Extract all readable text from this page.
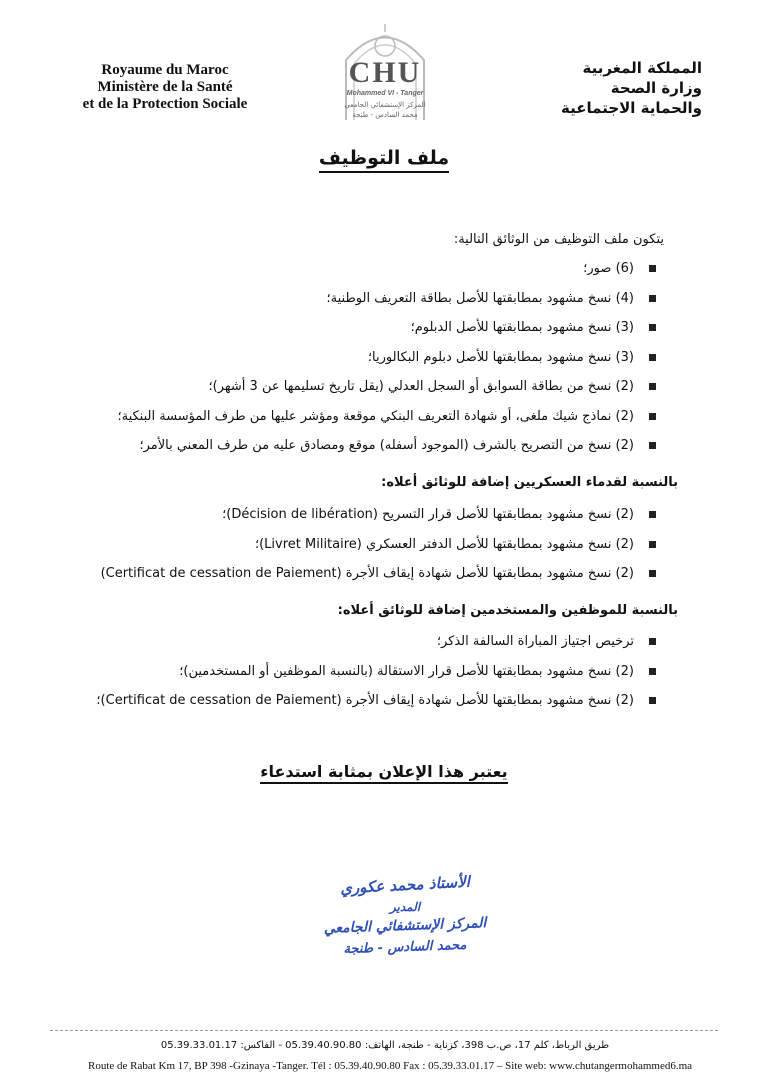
Royaume du Maroc
Ministère de la Santé
et de la Protection Sociale
المملكة المغربية
وزارة الصحة
والحماية الاجتماعية
CHU
Mohammed VI - Tanger
المركز الإستشفائي الجامعي
محمد السادس - طنجة
ملف التوظيف
يتكون ملف التوظيف من الوثائق التالية:
(6) صور؛
(4) نسخ مشهود بمطابقتها للأصل بطاقة التعريف الوطنية؛
(3) نسخ مشهود بمطابقتها للأصل الدبلوم؛
(3) نسخ مشهود بمطابقتها للأصل دبلوم البكالوريا؛
(2) نسخ من بطاقة السوابق أو السجل العدلي (يقل تاريخ تسليمها عن 3 أشهر)؛
(2) نماذج شيك ملغى، أو شهادة التعريف البنكي موقعة ومؤشر عليها من طرف المؤسسة البنكية؛
(2) نسخ من التصريح بالشرف (الموجود أسفله) موقع ومصادق عليه من طرف المعني بالأمر؛
بالنسبة لقدماء العسكريين إضافة للوثائق أعلاه:
(2) نسخ مشهود بمطابقتها للأصل قرار التسريح (Décision de libération)؛
(2) نسخ مشهود بمطابقتها للأصل الدفتر العسكري (Livret Militaire)؛
(2) نسخ مشهود بمطابقتها للأصل شهادة إيقاف الأجرة (Certificat de cessation de Paiement)
بالنسبة للموظفين والمستخدمين إضافة للوثائق أعلاه:
ترخيص اجتياز المباراة السالفة الذكر؛
(2) نسخ مشهود بمطابقتها للأصل قرار الاستقالة (بالنسبة الموظفين أو المستخدمين)؛
(2) نسخ مشهود بمطابقتها للأصل شهادة إيقاف الأجرة (Certificat de cessation de Paiement)؛
يعتبر هذا الإعلان بمثابة استدعاء
الأستاذ محمد عكوري
المدير
المركز الإستشفائي الجامعي
محمد السادس - طنجة
طريق الرباط، كلم 17، ص.ب 398، كزناية - طنجة، الهاتف: 05.39.40.90.80 - الفاكس: 05.39.33.01.17
Route de Rabat Km 17, BP 398 -Gzinaya -Tanger. Tél : 05.39.40.90.80 Fax : 05.39.33.01.17 – Site web: www.chutangermohammed6.ma
